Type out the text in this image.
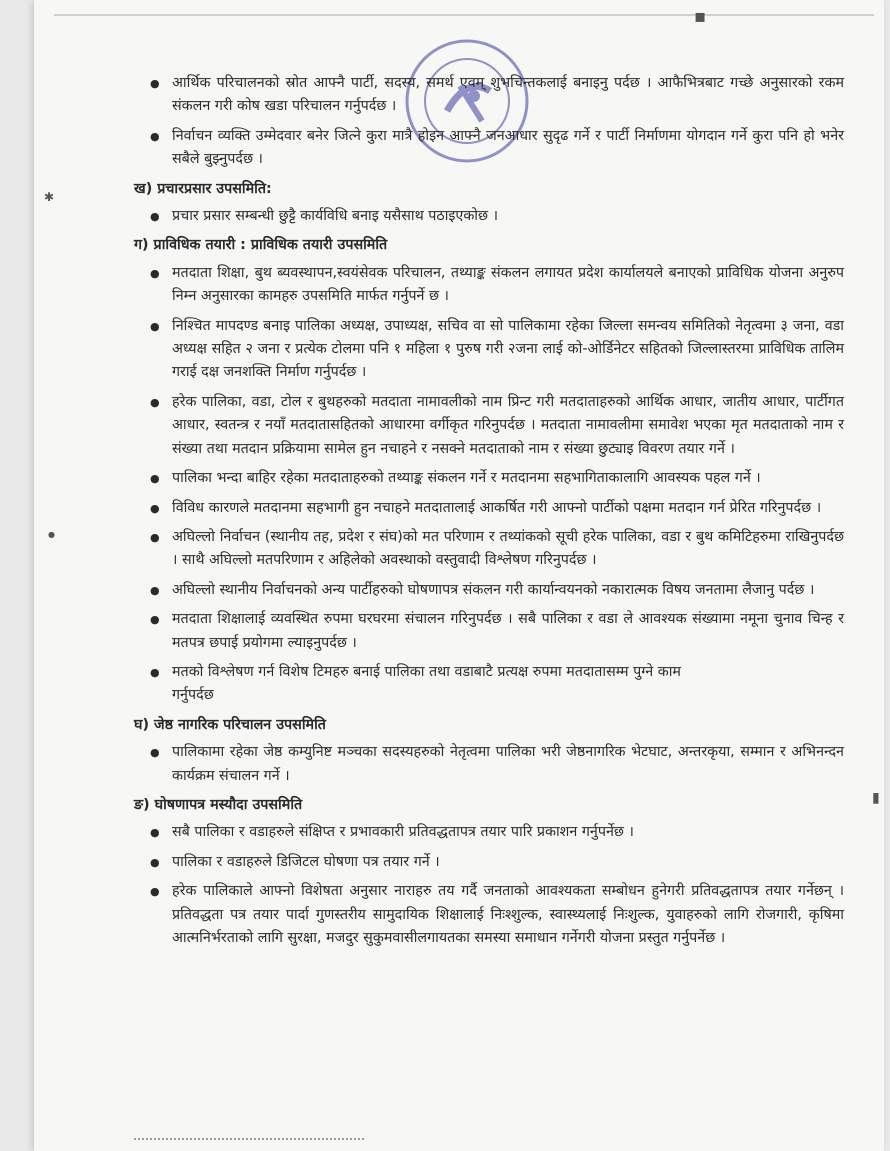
▪
✱
●
▮
● आर्थिक परिचालनको स्रोत आफ्नै पार्टी, सदस्य, समर्थ एवम् शुभचिन्तकलाई बनाइनु पर्दछ । आफैभित्रबाट गच्छे अनुसारको रकम संकलन गरी कोष खडा परिचालन गर्नुपर्दछ ।
● निर्वाचन व्यक्ति उम्मेदवार बनेर जित्ने कुरा मात्रै होइन आफ्नै जनआधार सुदृढ गर्ने र पार्टी निर्माणमा योगदान गर्ने कुरा पनि हो भनेर सबैले बुझ्नुपर्दछ ।
ख) प्रचारप्रसार उपसमिति:
● प्रचार प्रसार सम्बन्धी छुट्टै कार्यविधि बनाइ यसैसाथ पठाइएकोछ ।
ग) प्राविधिक तयारी : प्राविधिक तयारी उपसमिति
● मतदाता शिक्षा, बुथ ब्यवस्थापन,स्वयंसेवक परिचालन, तथ्याङ्क संकलन लगायत प्रदेश कार्यालयले बनाएको प्राविधिक योजना अनुरुप निम्न अनुसारका कामहरु उपसमिति मार्फत गर्नुपर्ने छ ।
● निश्चित मापदण्ड बनाइ पालिका अध्यक्ष, उपाध्यक्ष, सचिव वा सो पालिकामा रहेका जिल्ला समन्वय समितिको नेतृत्वमा ३ जना, वडा अध्यक्ष सहित २ जना र प्रत्येक टोलमा पनि १ महिला १ पुरुष गरी २जना लाई को-ओर्डिनेटर सहितको जिल्लास्तरमा प्राविधिक तालिम गराई दक्ष जनशक्ति निर्माण गर्नुपर्दछ ।
● हरेक पालिका, वडा, टोल र बुथहरुको मतदाता नामावलीको नाम प्रिन्ट गरी मतदाताहरुको आर्थिक आधार, जातीय आधार, पार्टीगत आधार, स्वतन्त्र र नयाँ मतदातासहितको आधारमा वर्गीकृत गरिनुपर्दछ । मतदाता नामावलीमा समावेश भएका मृत मतदाताको नाम र संख्या तथा मतदान प्रक्रियामा सामेल हुन नचाहने र नसक्ने मतदाताको नाम र संख्या छुट्याइ विवरण तयार गर्ने ।
● पालिका भन्दा बाहिर रहेका मतदाताहरुको तथ्याङ्क संकलन गर्ने र मतदानमा सहभागिताकालागि आवस्यक पहल गर्ने ।
● विविध कारणले मतदानमा सहभागी हुन नचाहने मतदातालाई आकर्षित गरी आफ्नो पार्टीको पक्षमा मतदान गर्न प्रेरित गरिनुपर्दछ ।
● अघिल्लो निर्वाचन (स्थानीय तह, प्रदेश र संघ)को मत परिणाम र तथ्यांकको सूची हरेक पालिका, वडा र बुथ कमिटिहरुमा राखिनुपर्दछ । साथै अघिल्लो मतपरिणाम र अहिलेको अवस्थाको वस्तुवादी विश्लेषण गरिनुपर्दछ ।
● अघिल्लो स्थानीय निर्वाचनको अन्य पार्टीहरुको घोषणापत्र संकलन गरी कार्यान्वयनको नकारात्मक विषय जनतामा लैजानु पर्दछ ।
● मतदाता शिक्षालाई व्यवस्थित रुपमा घरघरमा संचालन गरिनुपर्दछ । सबै पालिका र वडा ले आवश्यक संख्यामा नमूना चुनाव चिन्ह र मतपत्र छपाई प्रयोगमा ल्याइनुपर्दछ ।
● मतको विश्लेषण गर्न विशेष टिमहरु बनाई पालिका तथा वडाबाटै प्रत्यक्ष रुपमा मतदातासम्म पुग्ने काम
गर्नुपर्दछ
घ) जेष्ठ नागरिक परिचालन उपसमिति
● पालिकामा रहेका जेष्ठ कम्युनिष्ट मञ्चका सदस्यहरुको नेतृत्वमा पालिका भरी जेष्ठनागरिक भेटघाट, अन्तरकृया, सम्मान र अभिनन्दन कार्यक्रम संचालन गर्ने ।
ङ) घोषणापत्र मस्यौदा उपसमिति
● सबै पालिका र वडाहरुले संक्षिप्त र प्रभावकारी प्रतिवद्धतापत्र तयार पारि प्रकाशन गर्नुपर्नेछ ।
● पालिका र वडाहरुले डिजिटल घोषणा पत्र तयार गर्ने ।
● हरेक पालिकाले आफ्नो विशेषता अनुसार नाराहरु तय गर्दै जनताको आवश्यकता सम्बोधन हुनेगरी प्रतिवद्धतापत्र तयार गर्नेछन् । प्रतिवद्धता पत्र तयार पार्दा गुणस्तरीय सामुदायिक शिक्षालाई निःश्शुल्क, स्वास्थ्यलाई निःशुल्क, युवाहरुको लागि रोजगारी, कृषिमा आत्मनिर्भरताको लागि सुरक्षा, मजदुर सुकुमवासीलगायतका समस्या समाधान गर्नेगरी योजना प्रस्तुत गर्नुपर्नेछ ।
